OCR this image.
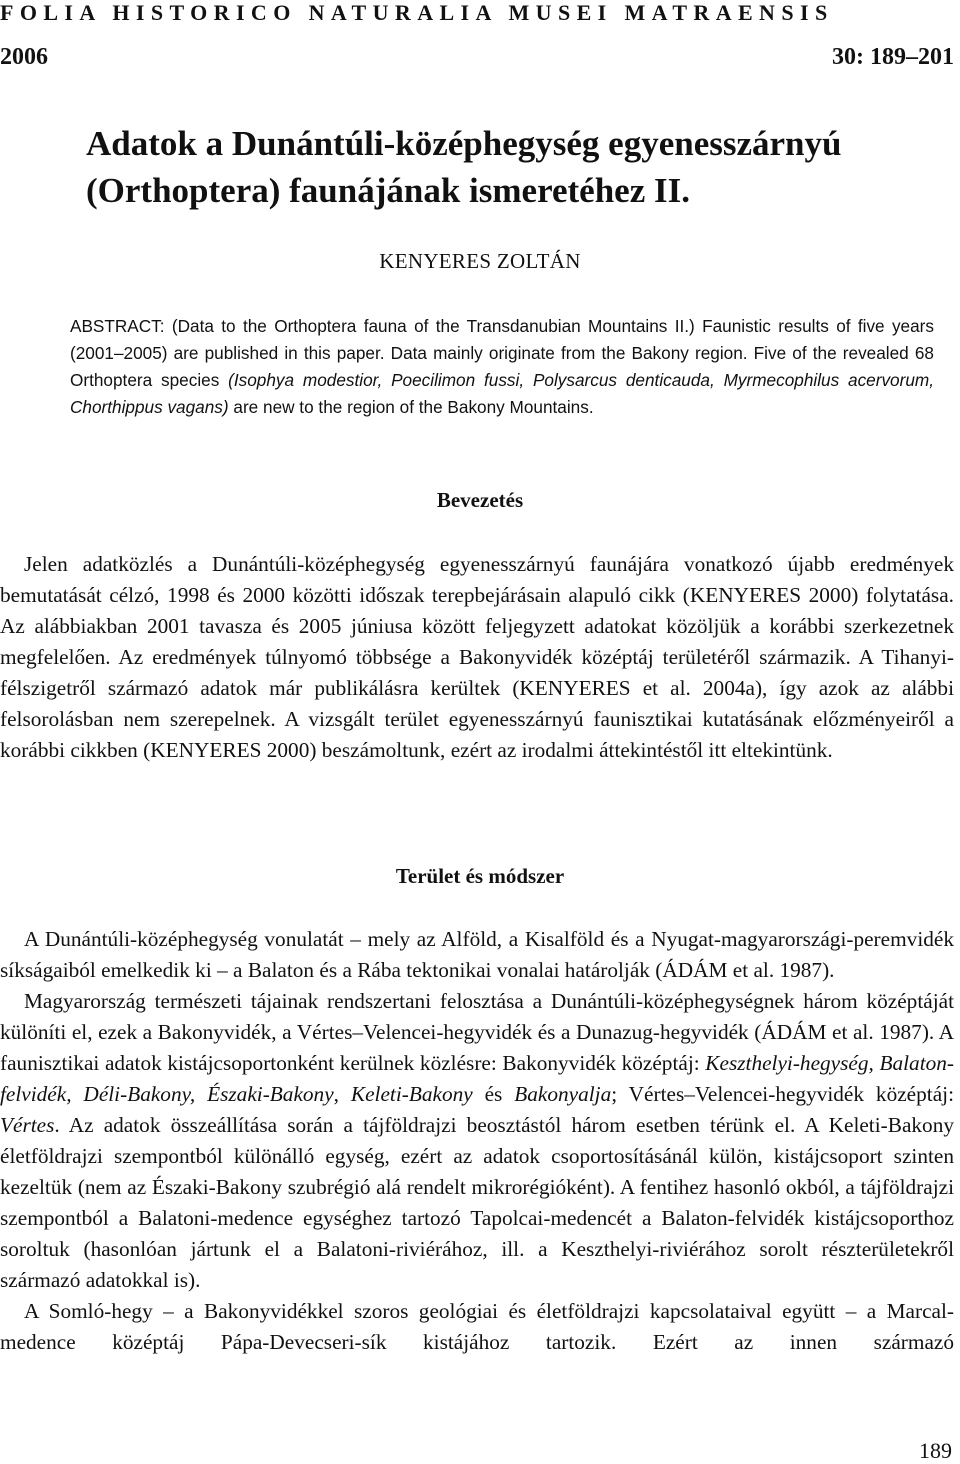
FOLIA HISTORICO NATURALIA MUSEI MATRAENSIS
2006	30: 189–201
Adatok a Dunántúli-középhegység egyenesszárnyú
(Orthoptera) faunájának ismeretéhez II.
KENYERES ZOLTÁN
ABSTRACT: (Data to the Orthoptera fauna of the Transdanubian Mountains II.) Faunistic results of five years (2001–2005) are published in this paper. Data mainly originate from the Bakony region. Five of the revealed 68 Orthoptera species (Isophya modestior, Poecilimon fussi, Polysarcus denticauda, Myrmecophilus acervorum, Chorthippus vagans) are new to the region of the Bakony Mountains.
Bevezetés

Jelen adatközlés a Dunántúli-középhegység egyenesszárnyú faunájára vonatkozó újabb eredmények bemutatását célzó, 1998 és 2000 közötti időszak terepbejárásain alapuló cikk (KENYERES 2000) folytatása. Az alábbiakban 2001 tavasza és 2005 júniusa között feljegyzett adatokat közöljük a korábbi szerkezetnek megfelelően. Az eredmények túlnyomó többsége a Bakonyvidék középtáj területéről származik. A Tihanyi-félszigetről származó adatok már publikálásra kerültek (KENYERES et al. 2004a), így azok az alábbi felsorolásban nem szerepelnek. A vizsgált terület egyenesszárnyú faunisztikai kutatásának előzményeiről a korábbi cikkben (KENYERES 2000) beszámoltunk, ezért az irodalmi áttekintéstől itt eltekintünk.

Terület és módszer

A Dunántúli-középhegység vonulatát – mely az Alföld, a Kisalföld és a Nyugat-magyarországi-peremvidék síkságaiból emelkedik ki – a Balaton és a Rába tektonikai vonalai határolják (ÁDÁM et al. 1987).

Magyarország természeti tájainak rendszertani felosztása a Dunántúli-középhegységnek három középtáját különíti el, ezek a Bakonyvidék, a Vértes–Velencei-hegyvidék és a Dunazug-hegyvidék (ÁDÁM et al. 1987). A faunisztikai adatok kistájcsoportonként kerülnek közlésre: Bakonyvidék középtáj: Keszthelyi-hegység, Balaton-felvidék, Déli-Bakony, Északi-Bakony, Keleti-Bakony és Bakonyalja; Vértes–Velencei-hegyvidék középtáj: Vértes. Az adatok összeállítása során a tájföldrajzi beosztástól három esetben térünk el. A Keleti-Bakony életföldrajzi szempontból különálló egység, ezért az adatok csoportosításánál külön, kistájcsoport szinten kezeltük (nem az Északi-Bakony szubrégió alá rendelt mikrorégióként). A fentihez hasonló okból, a tájföldrajzi szempontból a Balatoni-medence egységhez tartozó Tapolcai-medencét a Balaton-felvidék kistájcsoporthoz soroltuk (hasonlóan jártunk el a Balatoni-riviérához, ill. a Keszthelyi-riviérához sorolt részterületekről származó adatokkal is).

A Somló-hegy – a Bakonyvidékkel szoros geológiai és életföldrajzi kapcsolataival együtt – a Marcal-medence középtáj Pápa-Devecseri-sík kistájához tartozik. Ezért az innen származó

189
